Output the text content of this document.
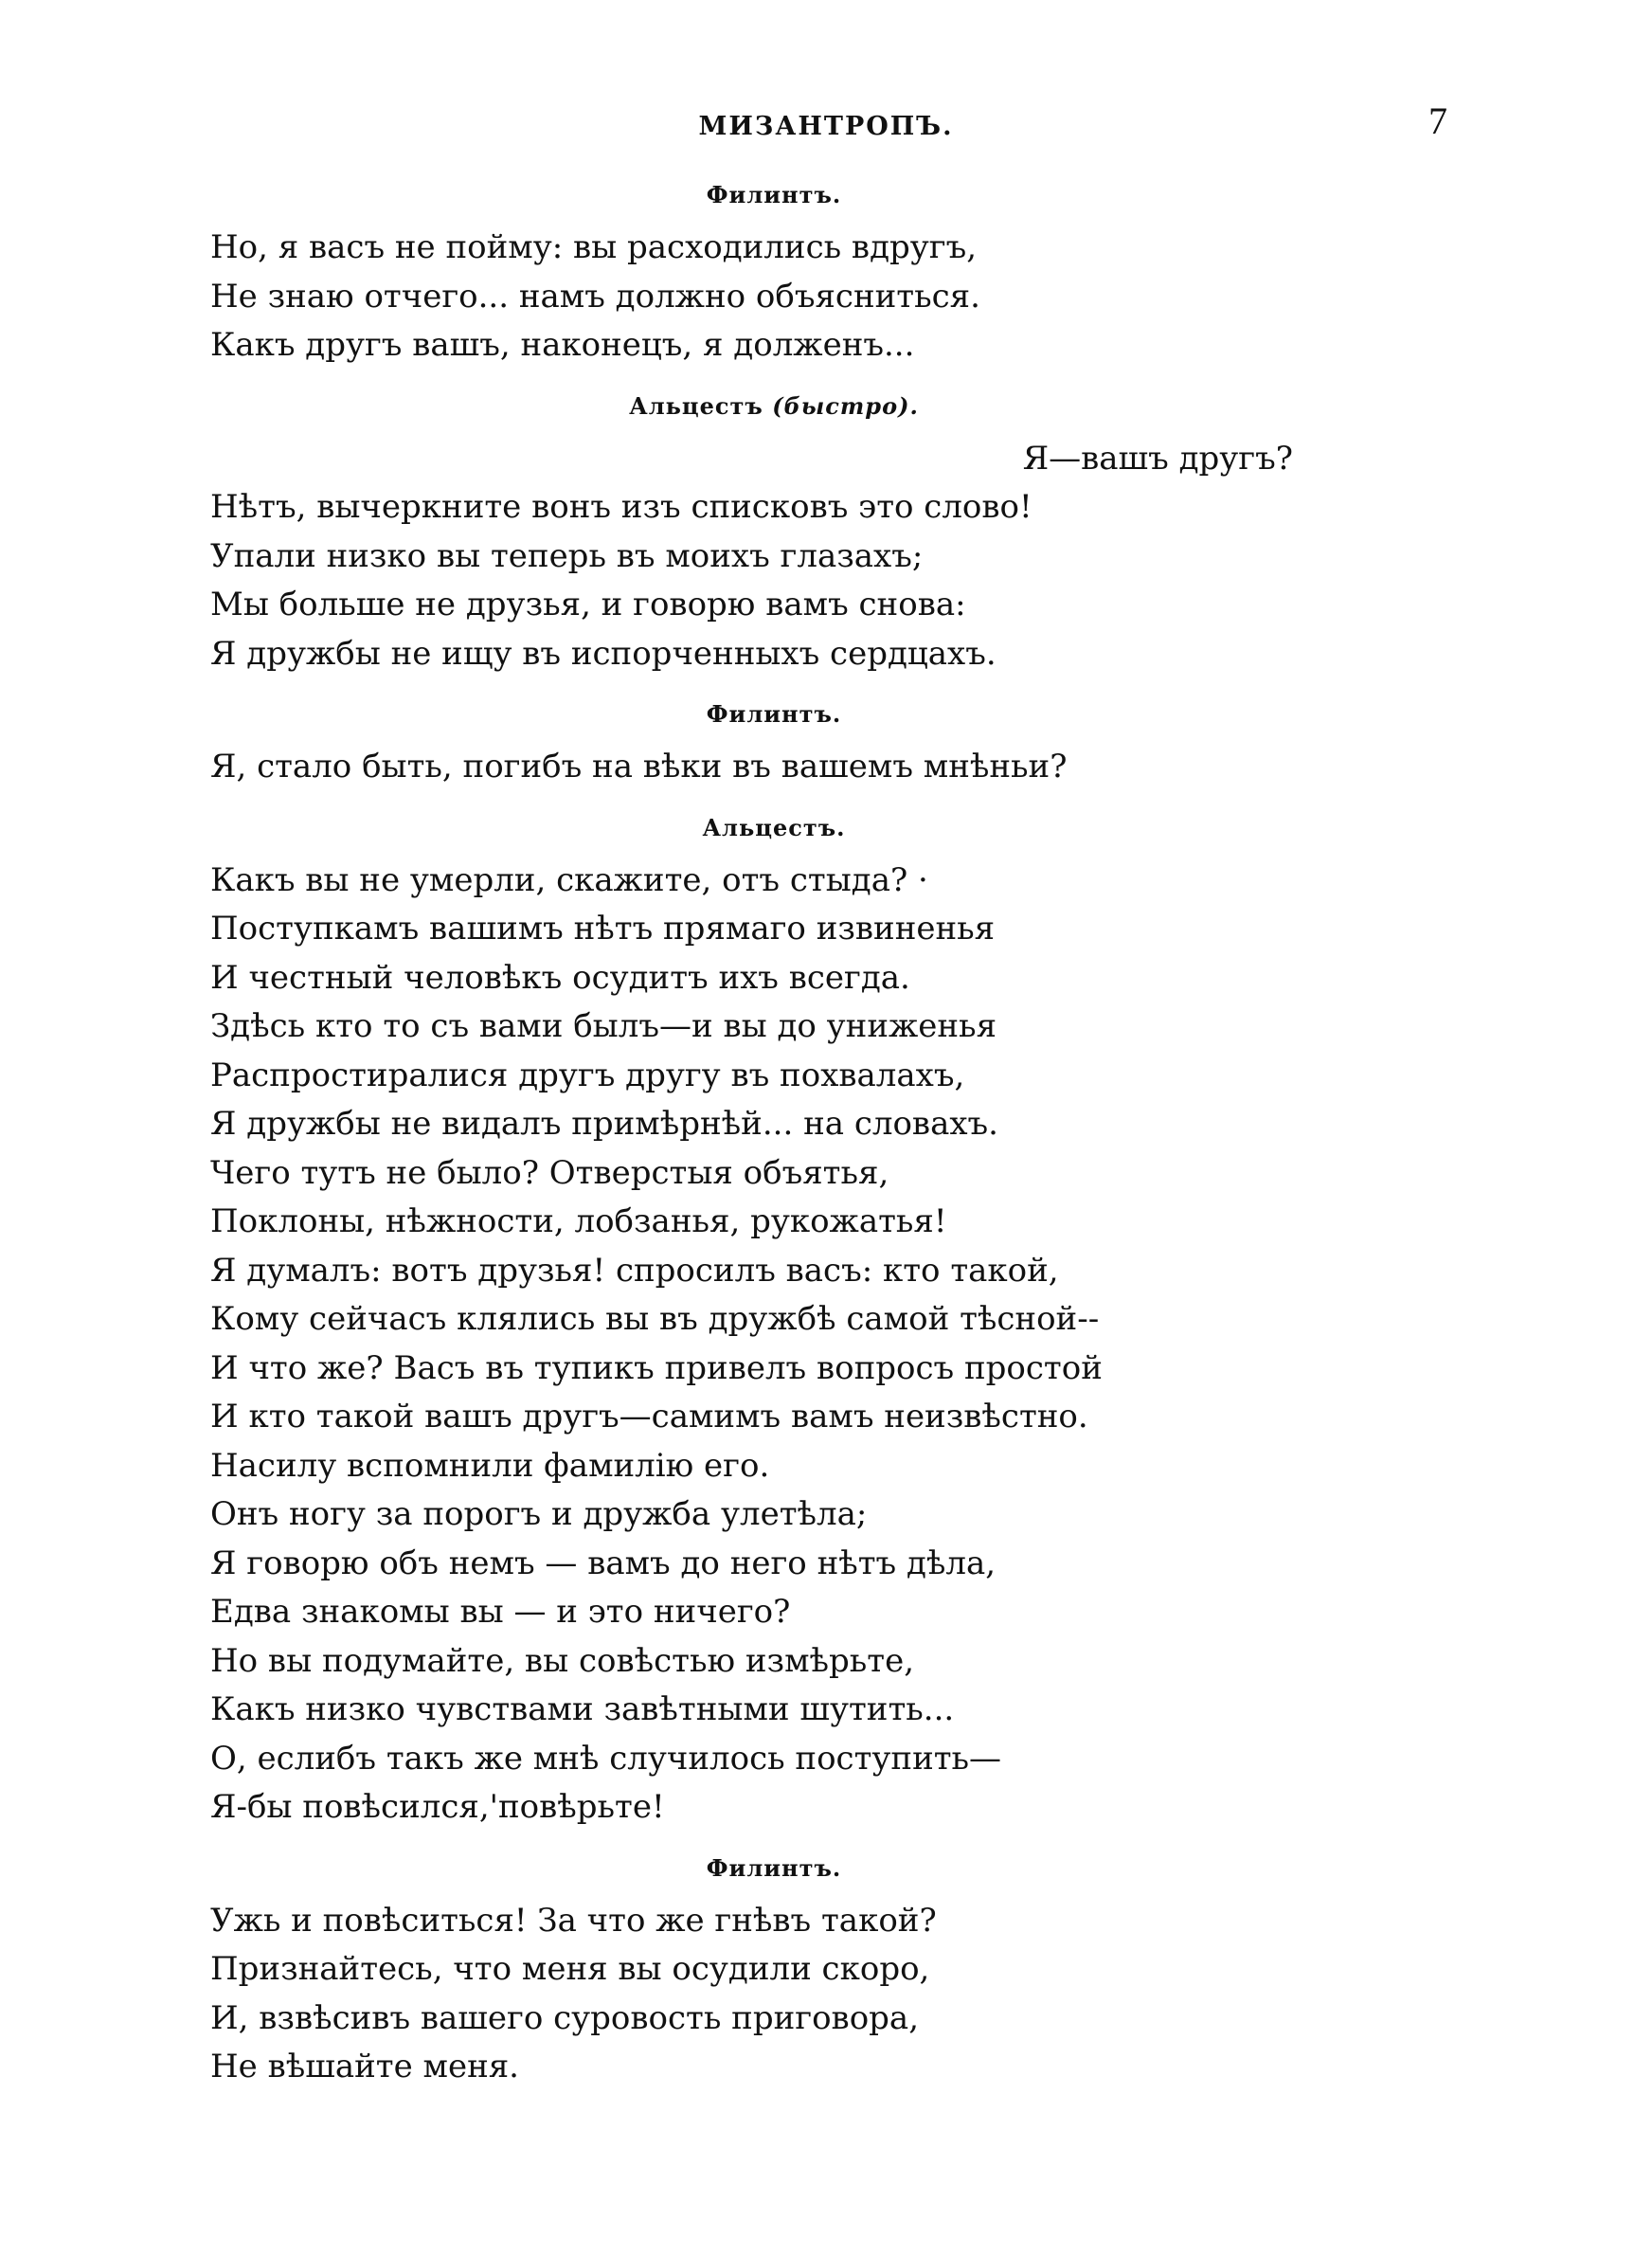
МИЗАНТРОПЪ.	7
Филинтъ.
Но, я васъ не пойму: вы расходились вдругъ,
Не знаю отчего... намъ должно объясниться.
Какъ другъ вашъ, наконецъ, я долженъ...
Альцестъ (быстро).
Я—вашъ другъ?
Нѣтъ, вычеркните вонъ изъ списковъ это слово!
Упали низко вы теперь въ моихъ глазахъ;
Мы больше не друзья, и говорю вамъ снова:
Я дружбы не ищу въ испорченныхъ сердцахъ.
Филинтъ.
Я, стало быть, погибъ на вѣки въ вашемъ мнѣньи?
Альцестъ.
Какъ вы не умерли, скажите, отъ стыда? ·
Поступкамъ вашимъ нѣтъ прямаго извиненья
И честный человѣкъ осудитъ ихъ всегда.
Здѣсь кто то съ вами былъ—и вы до униженья
Распростиралися другъ другу въ похвалахъ,
Я дружбы не видалъ примѣрнѣй... на словахъ.
Чего тутъ не было? Отверстыя объятья,
Поклоны, нѣжности, лобзанья, рукожатья!
Я думалъ: вотъ друзья! спросилъ васъ: кто такой,
Кому сейчасъ клялись вы въ дружбѣ самой тѣсной--
И что же? Васъ въ тупикъ привелъ вопросъ простой
И кто такой вашъ другъ—самимъ вамъ неизвѣстно.
Насилу вспомнили фамилію его.
Онъ ногу за порогъ и дружба улетѣла;
Я говорю объ немъ — вамъ до него нѣтъ дѣла,
Едва знакомы вы — и это ничего?
Но вы подумайте, вы совѣстью измѣрьте,
Какъ низко чувствами завѣтными шутить...
О, еслибъ такъ же мнѣ случилось поступить—
Я-бы повѣсился,'повѣрьте!
Филинтъ.
Ужь и повѣситься! За что же гнѣвъ такой?
Признайтесь, что меня вы осудили скоро,
И, взвѣсивъ вашего суровость приговора,
Не вѣшайте меня.
